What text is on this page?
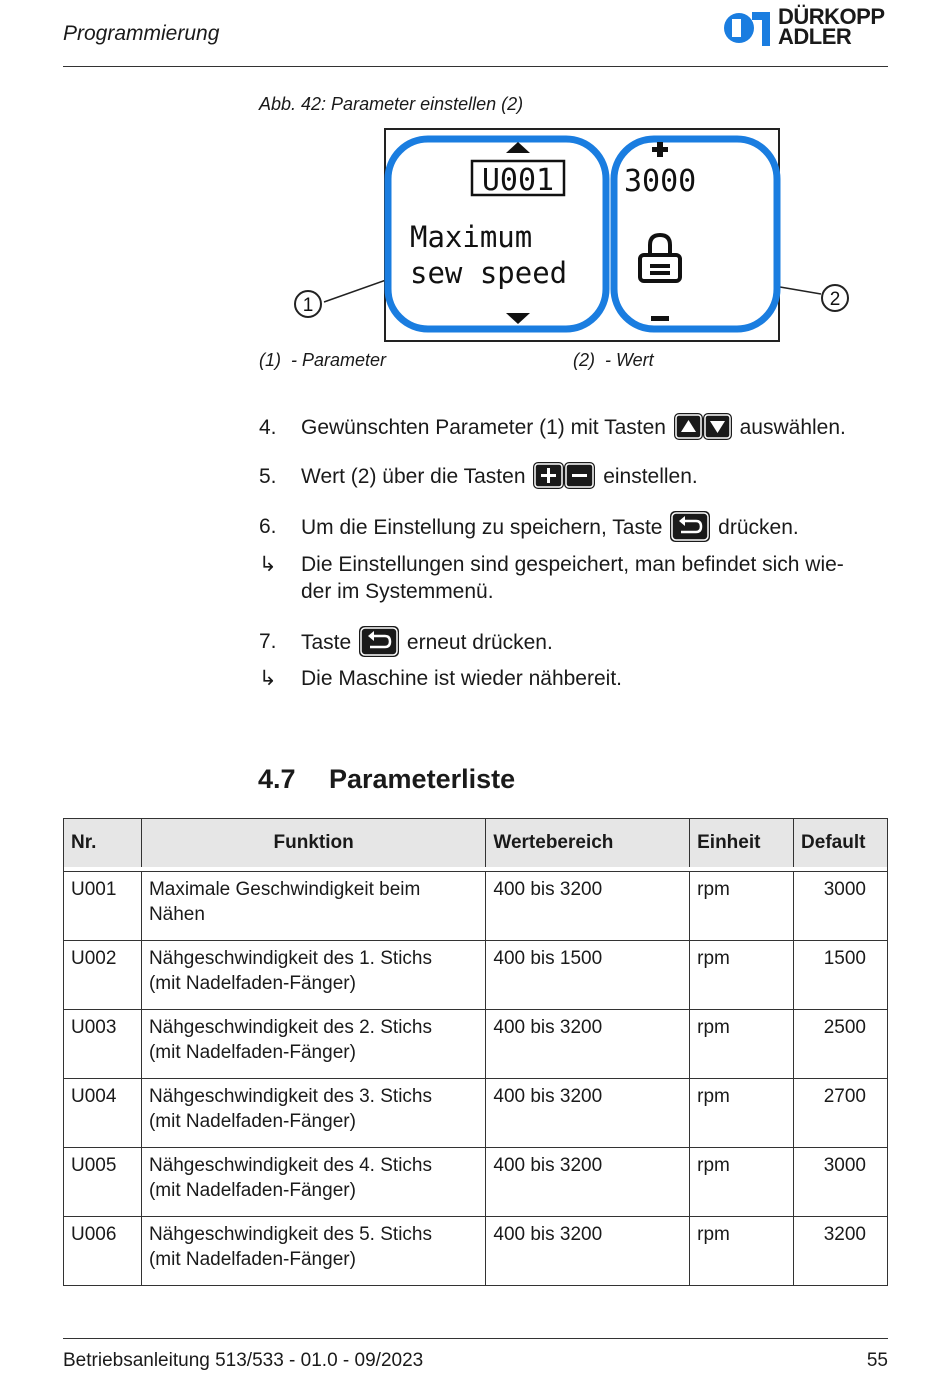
Programmierung
DÜRKOPP
ADLER
Abb. 42: Parameter einstellen (2)
1	2
U001
Maximum
sew speed
3000
(1) - Parameter	(2) - Wert
4.	Gewünschten Parameter (1) mit Tasten	auswählen.
5.	Wert (2) über die Tasten	einstellen.
6.	Um die Einstellung zu speichern, Taste	drücken.
↳	Die Einstellungen sind gespeichert, man befindet sich wie-
der im Systemmenü.
7.	Taste	erneut drücken.
↳	Die Maschine ist wieder nähbereit.
4.7 Parameterliste
Nr.	Funktion	Wertebereich	Einheit	Default

U001	Maximale Geschwindigkeit beim
Nähen	400 bis 3200	rpm	3000
U002	Nähgeschwindigkeit des 1. Stichs
(mit Nadelfaden-Fänger)	400 bis 1500	rpm	1500
U003	Nähgeschwindigkeit des 2. Stichs
(mit Nadelfaden-Fänger)	400 bis 3200	rpm	2500
U004	Nähgeschwindigkeit des 3. Stichs
(mit Nadelfaden-Fänger)	400 bis 3200	rpm	2700
U005	Nähgeschwindigkeit des 4. Stichs
(mit Nadelfaden-Fänger)	400 bis 3200	rpm	3000
U006	Nähgeschwindigkeit des 5. Stichs
(mit Nadelfaden-Fänger)	400 bis 3200	rpm	3200
Betriebsanleitung 513/533 - 01.0 - 09/2023	55
